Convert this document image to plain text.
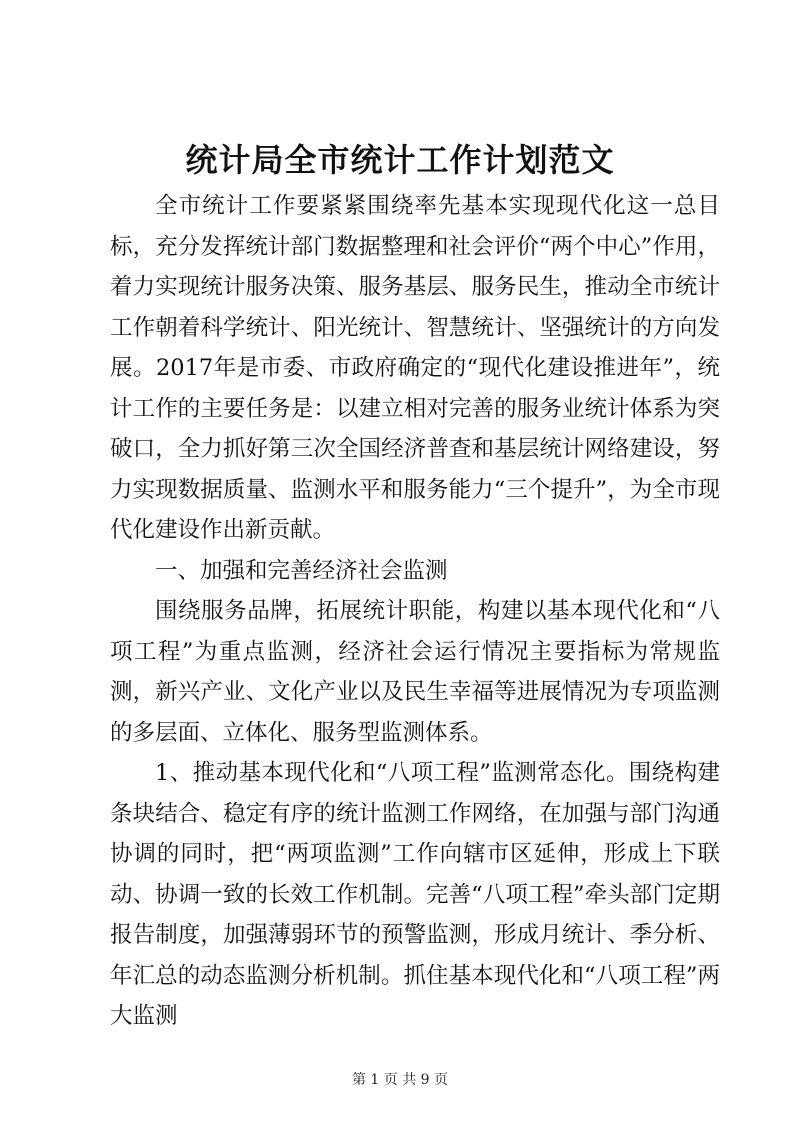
统计局全市统计工作计划范文

全市统计工作要紧紧围绕率先基本实现现代化这一总目标，充分发挥统计部门数据整理和社会评价“两个中心”作用，着力实现统计服务决策、服务基层、服务民生，推动全市统计工作朝着科学统计、阳光统计、智慧统计、坚强统计的方向发展。2017年是市委、市政府确定的“现代化建设推进年”，统计工作的主要任务是：以建立相对完善的服务业统计体系为突破口，全力抓好第三次全国经济普查和基层统计网络建设，努力实现数据质量、监测水平和服务能力“三个提升”，为全市现代化建设作出新贡献。

一、加强和完善经济社会监测

围绕服务品牌，拓展统计职能，构建以基本现代化和“八项工程”为重点监测，经济社会运行情况主要指标为常规监测，新兴产业、文化产业以及民生幸福等进展情况为专项监测的多层面、立体化、服务型监测体系。

1、推动基本现代化和“八项工程”监测常态化。围绕构建条块结合、稳定有序的统计监测工作网络，在加强与部门沟通协调的同时，把“两项监测”工作向辖市区延伸，形成上下联动、协调一致的长效工作机制。完善“八项工程”牵头部门定期报告制度，加强薄弱环节的预警监测，形成月统计、季分析、年汇总的动态监测分析机制。抓住基本现代化和“八项工程”两大监测

第 1 页 共 9 页
